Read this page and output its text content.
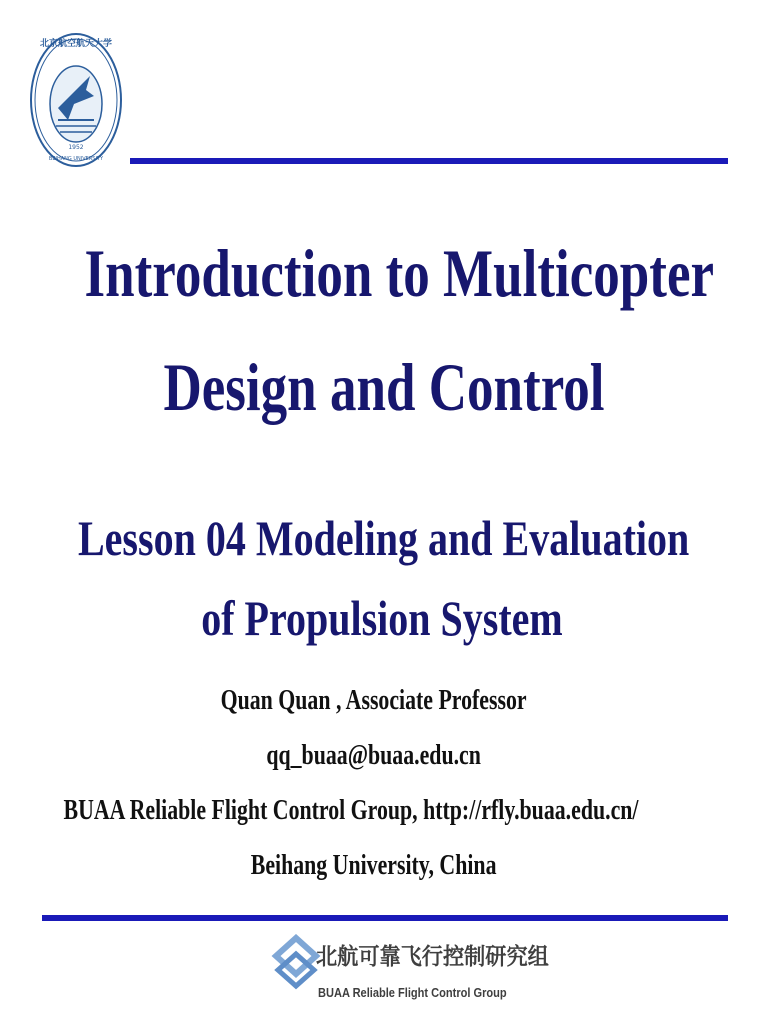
北京航空航天大学
BEIHANG UNIVERSITY
1952
Introduction to Multicopter
Design and Control
Lesson 04 Modeling and Evaluation
of Propulsion System
Quan Quan , Associate Professor
qq_buaa@buaa.edu.cn
BUAA Reliable Flight Control Group, http://rfly.buaa.edu.cn/
Beihang University, China
北航可靠飞行控制研究组
BUAA Reliable Flight Control Group
